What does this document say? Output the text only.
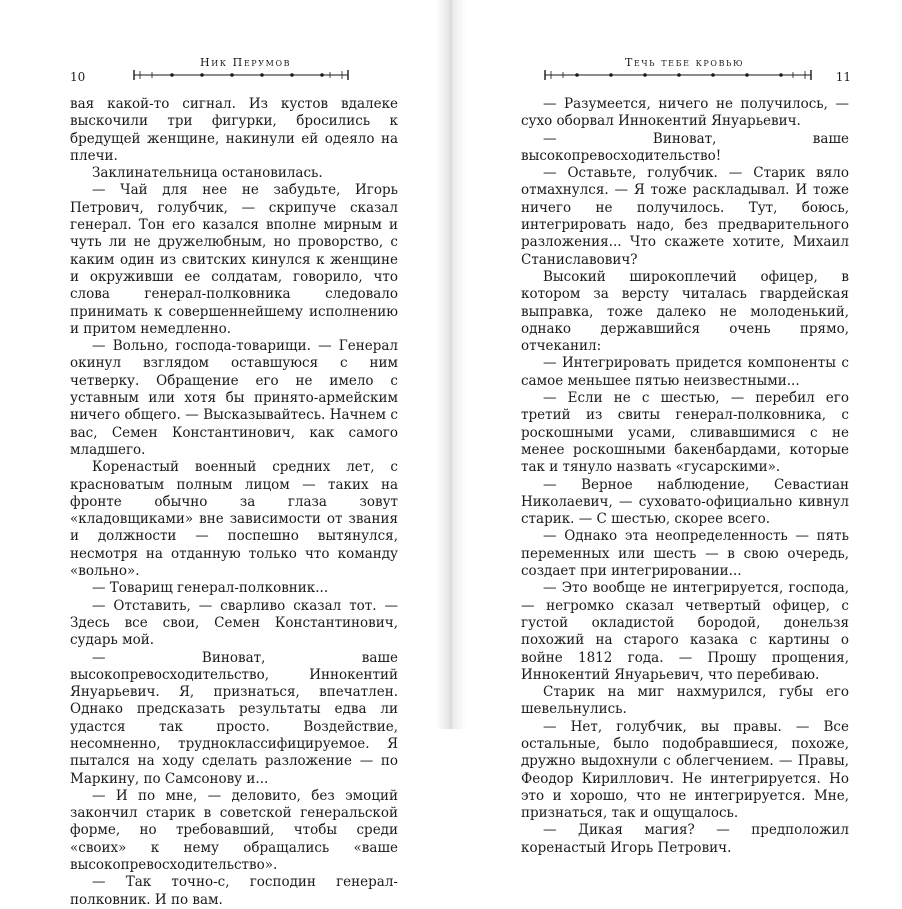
Ник Перумов
10

вая какой-то сигнал. Из кустов вдалеке выскочили три фигурки, бросились к бредущей женщине, накинули ей одеяло на плечи.

Заклинательница остановилась.

— Чай для нее не забудьте, Игорь Петрович, голубчик, — скрипуче сказал генерал. Тон его казался вполне мирным и чуть ли не дружелюбным, но проворство, с каким один из свитских кинулся к женщине и окруживши ее солдатам, говорило, что слова генерал-полковника следовало принимать к совершеннейшему исполнению и притом немедленно.

— Вольно, господа-товарищи. — Генерал окинул взглядом оставшуюся с ним четверку. Обращение его не имело с уставным или хотя бы принято-армейским ничего общего. — Высказывайтесь. Начнем с вас, Семен Константинович, как самого младшего.

Коренастый военный средних лет, с красноватым полным лицом — таких на фронте обычно за глаза зовут «кладовщиками» вне зависимости от звания и должности — поспешно вытянулся, несмотря на отданную только что команду «вольно».

— Товарищ генерал-полковник...

— Отставить, — сварливо сказал тот. — Здесь все свои, Семен Константинович, сударь мой.

— Виноват, ваше высокопревосходительство, Иннокентий Януарьевич. Я, признаться, впечатлен. Однако предсказать результаты едва ли удастся так просто. Воздействие, несомненно, трудноклассифицируемое. Я пытался на ходу сделать разложение — по Маркину, по Самсонову и...

— И по мне, — деловито, без эмоций закончил старик в советской генеральской форме, но требовавший, чтобы среди «своих» к нему обращались «ваше высокопревосходительство».

— Так точно-с, господин генерал-полковник. И по вам.

Течь тебе кровью
11

— Разумеется, ничего не получилось, — сухо оборвал Иннокентий Януарьевич.

— Виноват, ваше высокопревосходительство!

— Оставьте, голубчик. — Старик вяло отмахнулся. — Я тоже раскладывал. И тоже ничего не получилось. Тут, боюсь, интегрировать надо, без предварительного разложения... Что скажете хотите, Михаил Станиславович?

Высокий широкоплечий офицер, в котором за версту читалась гвардейская выправка, тоже далеко не молоденький, однако державшийся очень прямо, отчеканил:

— Интегрировать придется компоненты с самое меньшее пятью неизвестными...

— Если не с шестью, — перебил его третий из свиты генерал-полковника, с роскошными усами, сливавшимися с не менее роскошными бакенбардами, которые так и тянуло назвать «гусарскими».

— Верное наблюдение, Севастиан Николаевич, — суховато-официально кивнул старик. — С шестью, скорее всего.

— Однако эта неопределенность — пять переменных или шесть — в свою очередь, создает при интегрировании...

— Это вообще не интегрируется, господа, — негромко сказал четвертый офицер, с густой окладистой бородой, донельзя похожий на старого казака с картины о войне 1812 года. — Прошу прощения, Иннокентий Януарьевич, что перебиваю.

Старик на миг нахмурился, губы его шевельнулись.

— Нет, голубчик, вы правы. — Все остальные, было подобравшиеся, похоже, дружно выдохнули с облегчением. — Правы, Феодор Кириллович. Не интегрируется. Но это и хорошо, что не интегрируется. Мне, признаться, так и ощущалось.

— Дикая магия? — предположил коренастый Игорь Петрович.
